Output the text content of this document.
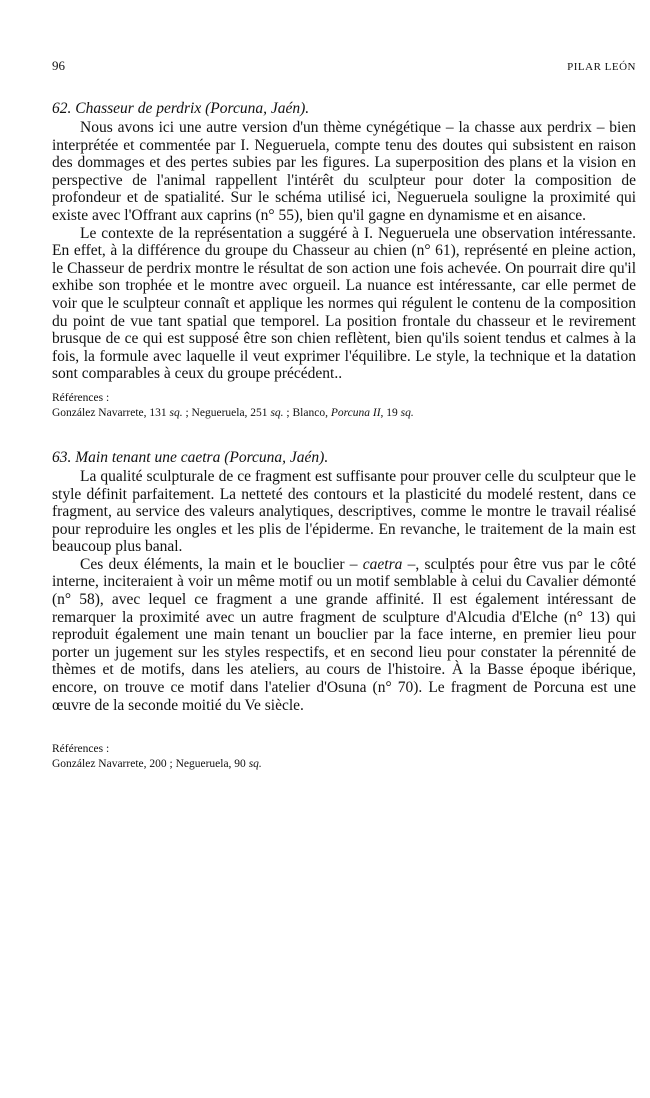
96	PILAR LEÓN
62. Chasseur de perdrix (Porcuna, Jaén).

Nous avons ici une autre version d'un thème cynégétique – la chasse aux perdrix – bien interprétée et commentée par I. Negueruela, compte tenu des doutes qui subsistent en raison des dommages et des pertes subies par les figures. La superposition des plans et la vision en perspective de l'animal rappellent l'intérêt du sculpteur pour doter la composition de profondeur et de spatialité. Sur le schéma utilisé ici, Negueruela souligne la proximité qui existe avec l'Offrant aux caprins (n° 55), bien qu'il gagne en dynamisme et en aisance.

Le contexte de la représentation a suggéré à I. Negueruela une observation intéressante. En effet, à la différence du groupe du Chasseur au chien (n° 61), représenté en pleine action, le Chasseur de perdrix montre le résultat de son action une fois achevée. On pourrait dire qu'il exhibe son trophée et le montre avec orgueil. La nuance est intéressante, car elle permet de voir que le sculpteur connaît et applique les normes qui régulent le contenu de la composition du point de vue tant spatial que temporel. La position frontale du chasseur et le revirement brusque de ce qui est supposé être son chien reflètent, bien qu'ils soient tendus et calmes à la fois, la formule avec laquelle il veut exprimer l'équilibre. Le style, la technique et la datation sont comparables à ceux du groupe précédent..

Références :
González Navarrete, 131 sq. ; Negueruela, 251 sq. ; Blanco, Porcuna II, 19 sq.
63. Main tenant une caetra (Porcuna, Jaén).

La qualité sculpturale de ce fragment est suffisante pour prouver celle du sculpteur que le style définit parfaitement. La netteté des contours et la plasticité du modelé restent, dans ce fragment, au service des valeurs analytiques, descriptives, comme le montre le travail réalisé pour reproduire les ongles et les plis de l'épiderme. En revanche, le traitement de la main est beaucoup plus banal.

Ces deux éléments, la main et le bouclier – caetra –, sculptés pour être vus par le côté interne, inciteraient à voir un même motif ou un motif semblable à celui du Cavalier démonté (n° 58), avec lequel ce fragment a une grande affinité. Il est également intéressant de remarquer la proximité avec un autre fragment de sculpture d'Alcudia d'Elche (n° 13) qui reproduit également une main tenant un bouclier par la face interne, en premier lieu pour porter un jugement sur les styles respectifs, et en second lieu pour constater la pérennité de thèmes et de motifs, dans les ateliers, au cours de l'histoire. À la Basse époque ibérique, encore, on trouve ce motif dans l'atelier d'Osuna (n° 70). Le fragment de Porcuna est une œuvre de la seconde moitié du Ve siècle.

Références :
González Navarrete, 200 ; Negueruela, 90 sq.
